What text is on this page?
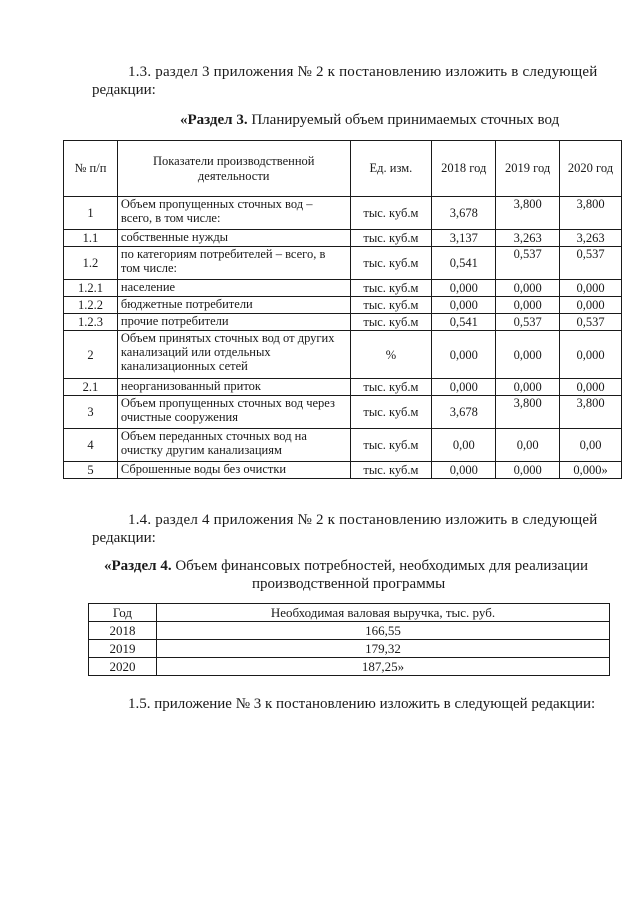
1.3. раздел 3 приложения № 2 к постановлению изложить в следующей
редакции:
«Раздел 3. Планируемый объем принимаемых сточных вод
№ п/п	Показатели производственной деятельности	Ед. изм.	2018 год	2019 год	2020 год
1	Объем пропущенных сточных вод – всего, в том числе:	тыс. куб.м	3,678	3,800	3,800
1.1	собственные нужды	тыс. куб.м	3,137	3,263	3,263
1.2	по категориям потребителей – всего, в том числе:	тыс. куб.м	0,541	0,537	0,537
1.2.1	население	тыс. куб.м	0,000	0,000	0,000
1.2.2	бюджетные потребители	тыс. куб.м	0,000	0,000	0,000
1.2.3	прочие потребители	тыс. куб.м	0,541	0,537	0,537
2	Объем принятых сточных вод от других канализаций или отдельных канализационных сетей	%	0,000	0,000	0,000
2.1	неорганизованный приток	тыс. куб.м	0,000	0,000	0,000
3	Объем пропущенных сточных вод через очистные сооружения	тыс. куб.м	3,678	3,800	3,800
4	Объем переданных сточных вод на очистку другим канализациям	тыс. куб.м	0,00	0,00	0,00
5	Сброшенные воды без очистки	тыс. куб.м	0,000	0,000	0,000»
1.4. раздел 4 приложения № 2 к постановлению изложить в следующей
редакции:
«Раздел 4. Объем финансовых потребностей, необходимых для реализации
производственной программы
Год	Необходимая валовая выручка, тыс. руб.
2018	166,55
2019	179,32
2020	187,25»
1.5. приложение № 3 к постановлению изложить в следующей редакции:
